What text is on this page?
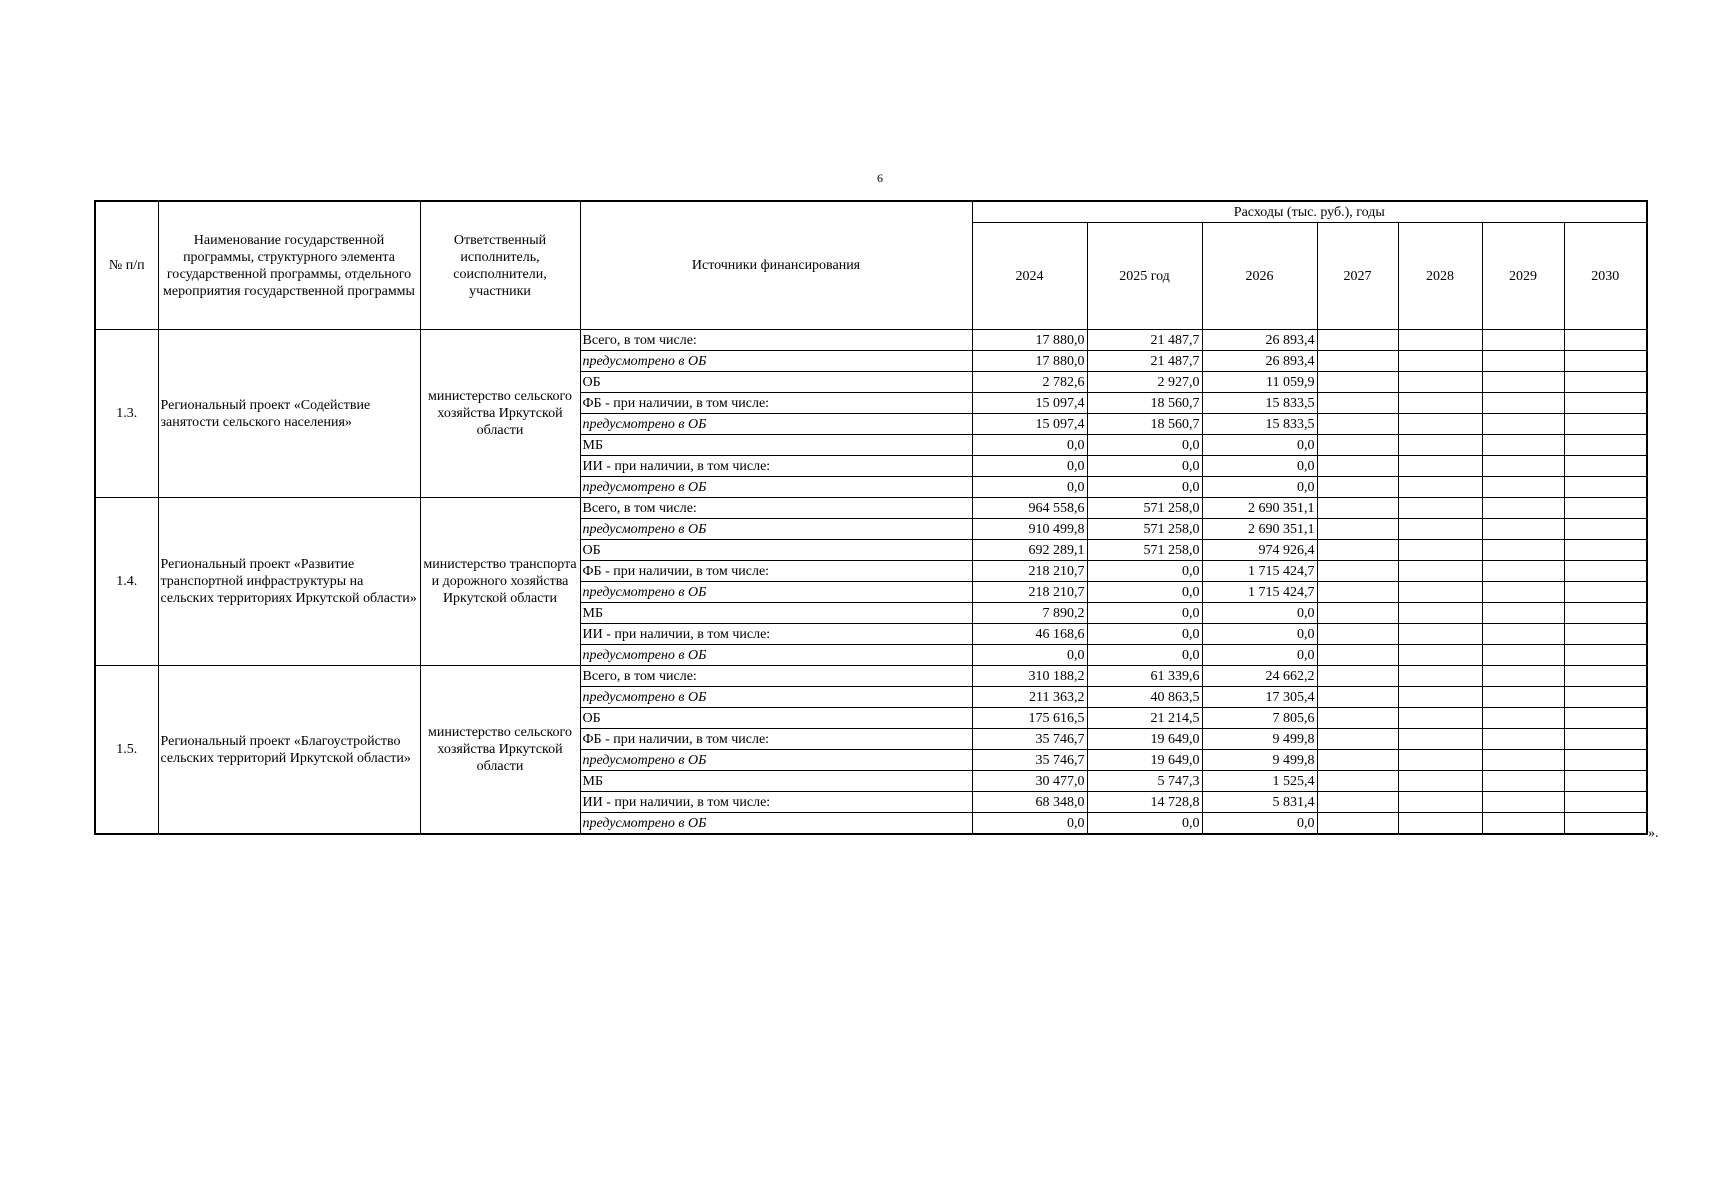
6
№ п/п	Наименование государственной программы, структурного элемента государственной программы, отдельного мероприятия государственной программы	Ответственный исполнитель, соисполнители, участники	Источники финансирования	Расходы (тыс. руб.), годы						
				2024	2025 год	2026	2027	2028	2029	2030
1.3.	Региональный проект «Содействие занятости сельского населения»	министерство сельского хозяйства Иркутской области	Всего, в том числе:	17 880,0	21 487,7	26 893,4				
			предусмотрено в ОБ	17 880,0	21 487,7	26 893,4				
			ОБ	2 782,6	2 927,0	11 059,9				
			ФБ - при наличии, в том числе:	15 097,4	18 560,7	15 833,5				
			предусмотрено в ОБ	15 097,4	18 560,7	15 833,5				
			МБ	0,0	0,0	0,0				
			ИИ - при наличии, в том числе:	0,0	0,0	0,0				
			предусмотрено в ОБ	0,0	0,0	0,0				
1.4.	Региональный проект «Развитие транспортной инфраструктуры на сельских территориях Иркутской области»	министерство транспорта и дорожного хозяйства Иркутской области	Всего, в том числе:	964 558,6	571 258,0	2 690 351,1				
			предусмотрено в ОБ	910 499,8	571 258,0	2 690 351,1				
			ОБ	692 289,1	571 258,0	974 926,4				
			ФБ - при наличии, в том числе:	218 210,7	0,0	1 715 424,7				
			предусмотрено в ОБ	218 210,7	0,0	1 715 424,7				
			МБ	7 890,2	0,0	0,0				
			ИИ - при наличии, в том числе:	46 168,6	0,0	0,0				
			предусмотрено в ОБ	0,0	0,0	0,0				
1.5.	Региональный проект «Благоустройство сельских территорий Иркутской области»	министерство сельского хозяйства Иркутской области	Всего, в том числе:	310 188,2	61 339,6	24 662,2				
			предусмотрено в ОБ	211 363,2	40 863,5	17 305,4				
			ОБ	175 616,5	21 214,5	7 805,6				
			ФБ - при наличии, в том числе:	35 746,7	19 649,0	9 499,8				
			предусмотрено в ОБ	35 746,7	19 649,0	9 499,8				
			МБ	30 477,0	5 747,3	1 525,4				
			ИИ - при наличии, в том числе:	68 348,0	14 728,8	5 831,4				
			предусмотрено в ОБ	0,0	0,0	0,0				
».
